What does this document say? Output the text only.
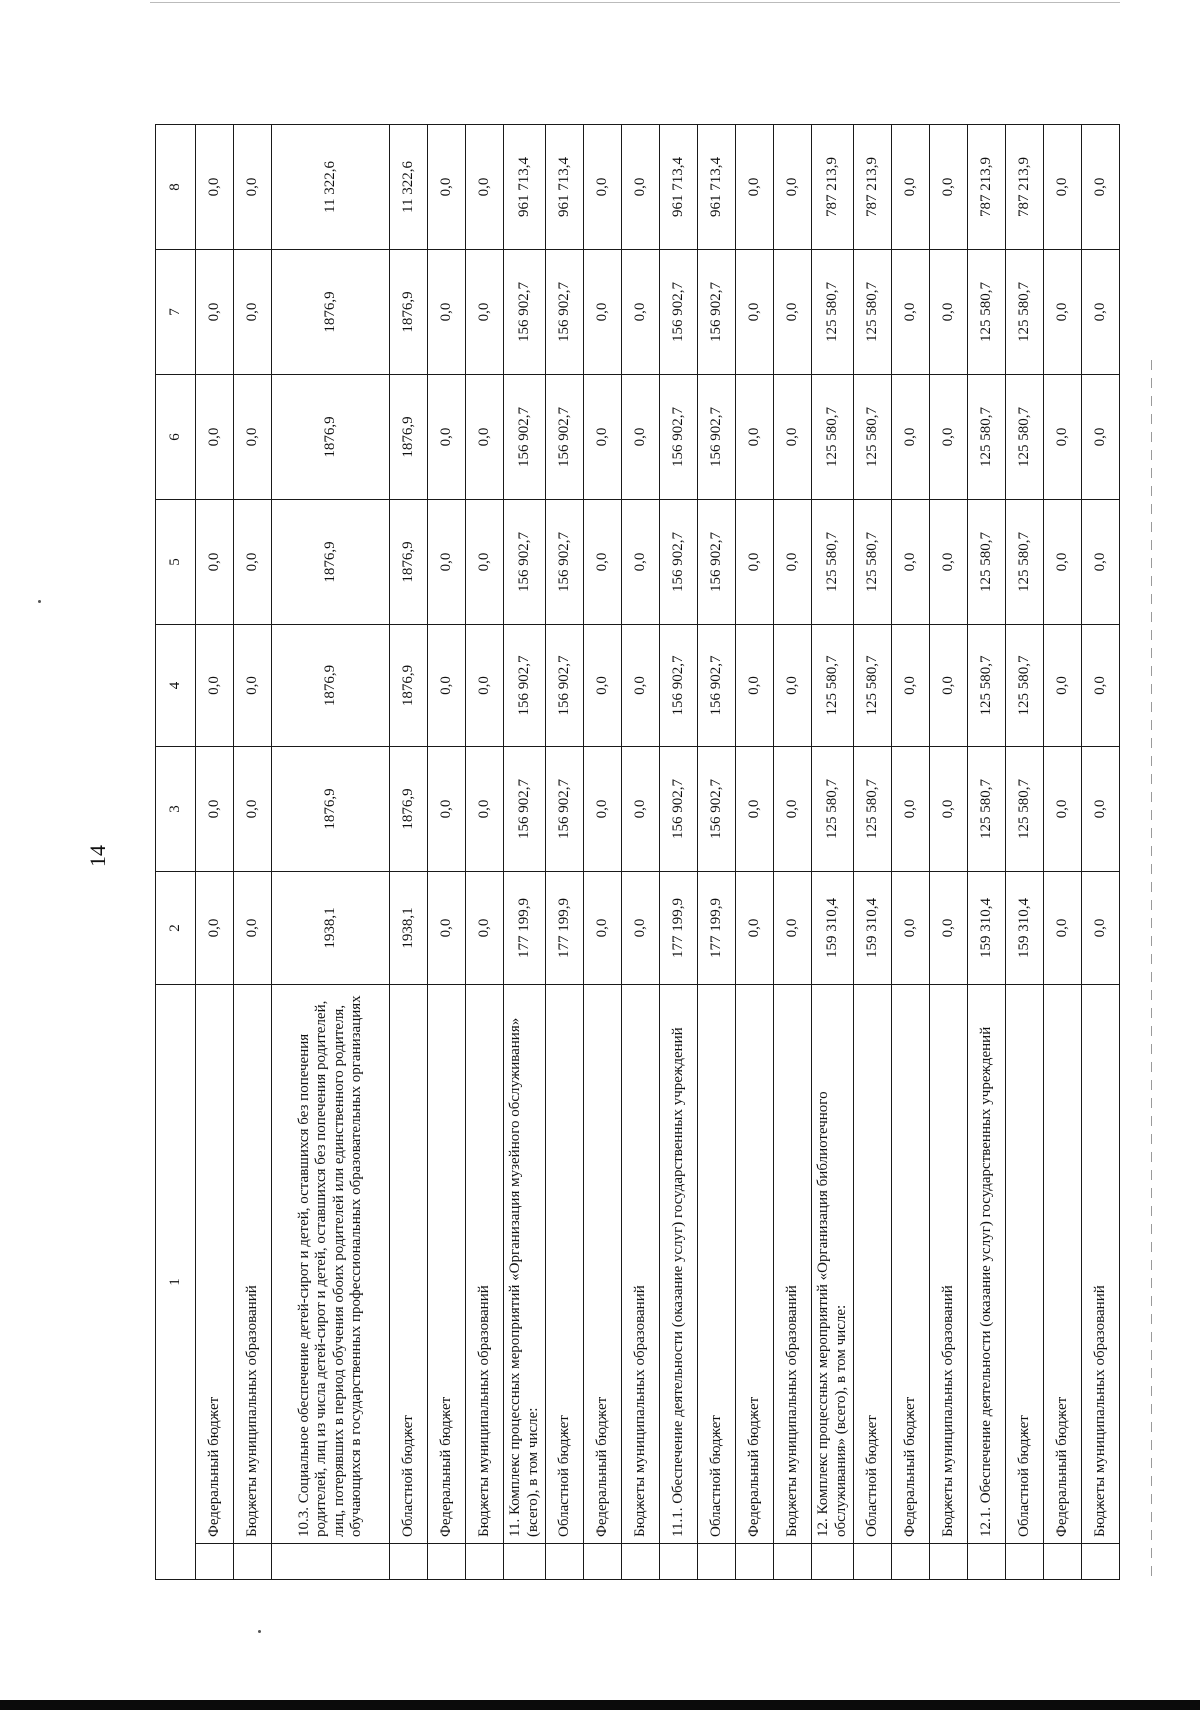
14
1		2	3	4	5	6	7	8
	Федеральный бюджет	0,0	0,0	0,0	0,0	0,0	0,0	0,0
	Бюджеты муниципальных образований	0,0	0,0	0,0	0,0	0,0	0,0	0,0
	10.3. Социальное обеспечение детей-сирот и детей, оставшихся без попечения родителей, лиц из числа детей-сирот и детей, оставшихся без попечения родителей, лиц, потерявших в период обучения обоих родителей или единственного родителя, обучающихся в государственных профессиональных образовательных организациях	1938,1	1876,9	1876,9	1876,9	1876,9	1876,9	11 322,6
	Областной бюджет	1938,1	1876,9	1876,9	1876,9	1876,9	1876,9	11 322,6
	Федеральный бюджет	0,0	0,0	0,0	0,0	0,0	0,0	0,0
	Бюджеты муниципальных образований	0,0	0,0	0,0	0,0	0,0	0,0	0,0
	11. Комплекс процессных мероприятий «Организация музейного обслуживания» (всего), в том числе:	177 199,9	156 902,7	156 902,7	156 902,7	156 902,7	156 902,7	961 713,4
	Областной бюджет	177 199,9	156 902,7	156 902,7	156 902,7	156 902,7	156 902,7	961 713,4
	Федеральный бюджет	0,0	0,0	0,0	0,0	0,0	0,0	0,0
	Бюджеты муниципальных образований	0,0	0,0	0,0	0,0	0,0	0,0	0,0
	11.1. Обеспечение деятельности (оказание услуг) государственных учреждений	177 199,9	156 902,7	156 902,7	156 902,7	156 902,7	156 902,7	961 713,4
	Областной бюджет	177 199,9	156 902,7	156 902,7	156 902,7	156 902,7	156 902,7	961 713,4
	Федеральный бюджет	0,0	0,0	0,0	0,0	0,0	0,0	0,0
	Бюджеты муниципальных образований	0,0	0,0	0,0	0,0	0,0	0,0	0,0
	12. Комплекс процессных мероприятий «Организация библиотечного обслуживания» (всего), в том числе:	159 310,4	125 580,7	125 580,7	125 580,7	125 580,7	125 580,7	787 213,9
	Областной бюджет	159 310,4	125 580,7	125 580,7	125 580,7	125 580,7	125 580,7	787 213,9
	Федеральный бюджет	0,0	0,0	0,0	0,0	0,0	0,0	0,0
	Бюджеты муниципальных образований	0,0	0,0	0,0	0,0	0,0	0,0	0,0
	12.1. Обеспечение деятельности (оказание услуг) государственных учреждений	159 310,4	125 580,7	125 580,7	125 580,7	125 580,7	125 580,7	787 213,9
	Областной бюджет	159 310,4	125 580,7	125 580,7	125 580,7	125 580,7	125 580,7	787 213,9
	Федеральный бюджет	0,0	0,0	0,0	0,0	0,0	0,0	0,0
	Бюджеты муниципальных образований	0,0	0,0	0,0	0,0	0,0	0,0	0,0
